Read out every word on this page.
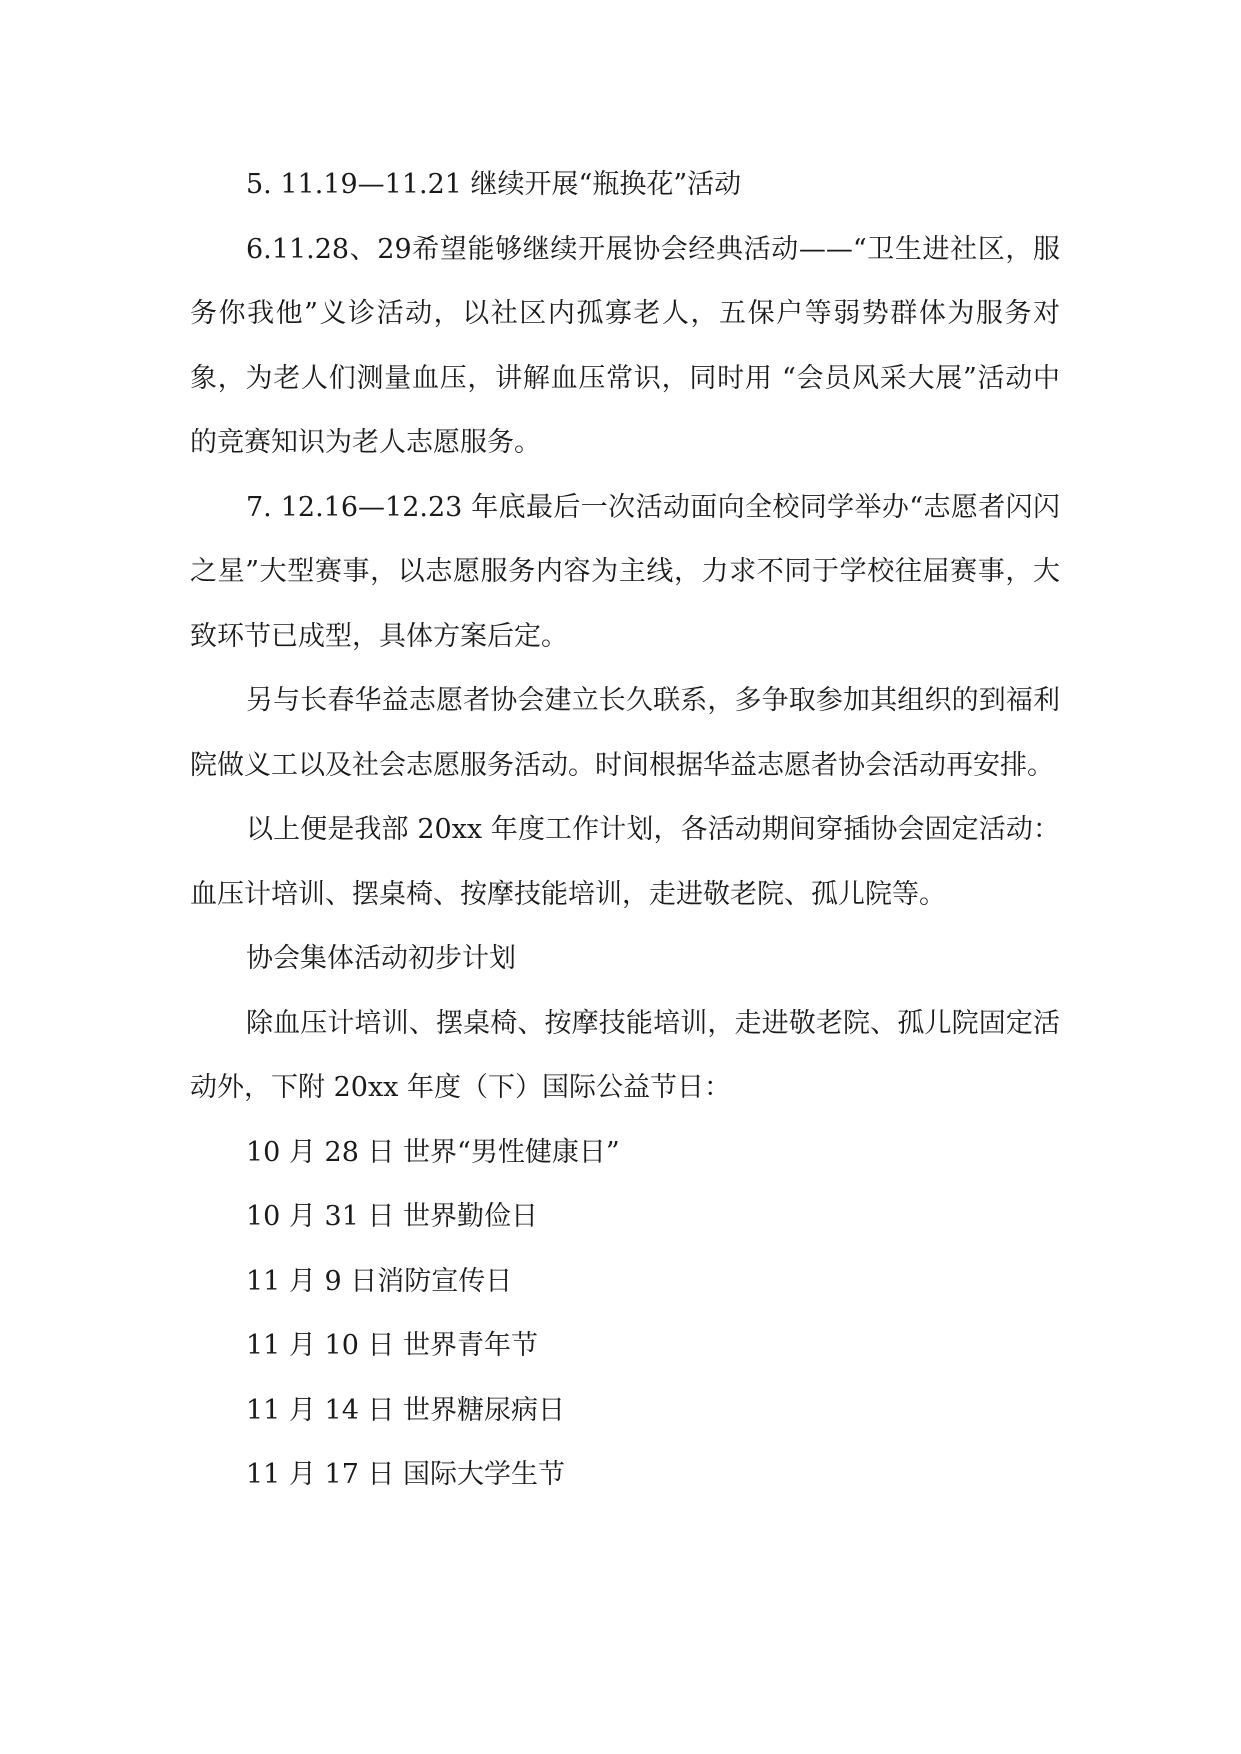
5. 11.19—11.21 继续开展“瓶换花”活动

6.11.28、29希望能够继续开展协会经典活动——“卫生进社区，服务你我他”义诊活动，以社区内孤寡老人，五保户等弱势群体为服务对象，为老人们测量血压，讲解血压常识，同时用 “会员风采大展”活动中的竞赛知识为老人志愿服务。

7. 12.16—12.23 年底最后一次活动面向全校同学举办“志愿者闪闪之星”大型赛事，以志愿服务内容为主线，力求不同于学校往届赛事，大致环节已成型，具体方案后定。

另与长春华益志愿者协会建立长久联系，多争取参加其组织的到福利院做义工以及社会志愿服务活动。时间根据华益志愿者协会活动再安排。

以上便是我部 20xx 年度工作计划，各活动期间穿插协会固定活动：血压计培训、摆桌椅、按摩技能培训，走进敬老院、孤儿院等。

协会集体活动初步计划

除血压计培训、摆桌椅、按摩技能培训，走进敬老院、孤儿院固定活动外，下附 20xx 年度（下）国际公益节日：

10 月 28 日 世界“男性健康日”

10 月 31 日 世界勤俭日

11 月 9 日消防宣传日

11 月 10 日 世界青年节

11 月 14 日 世界糖尿病日

11 月 17 日 国际大学生节
